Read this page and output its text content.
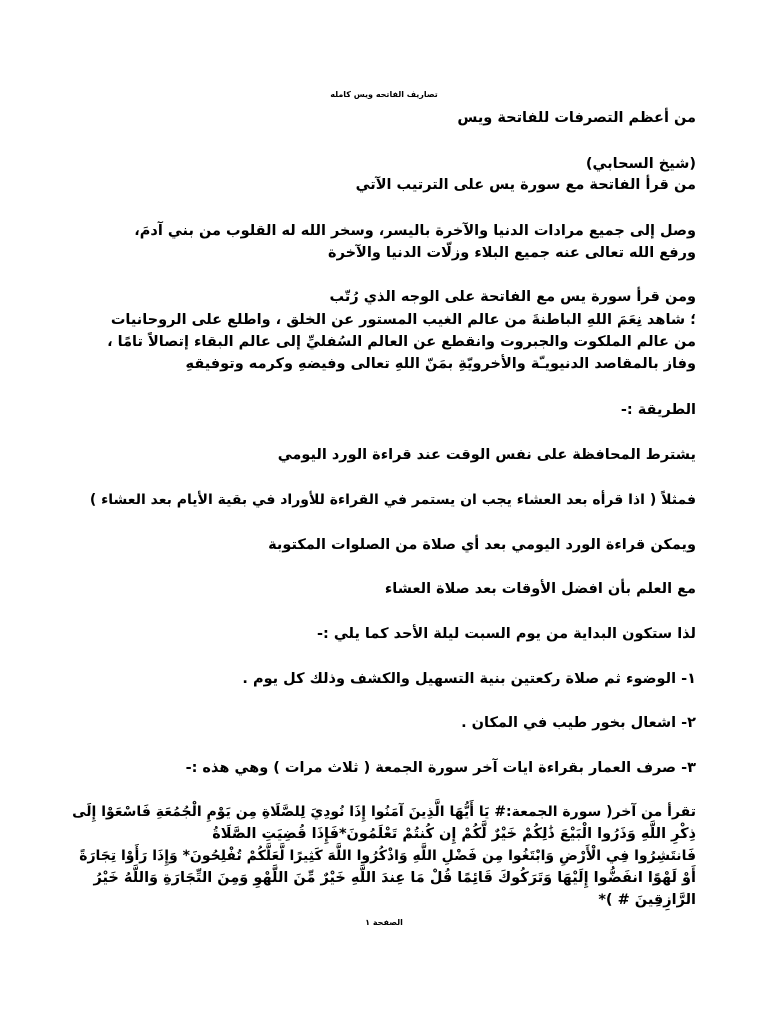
تصاريف الفاتحه ويس كامله
من أعظم التصرفات للفاتحة ويس
(شيخ السحابي)
من قرأ الفاتحة مع سورة يس على الترتيب الآتي
وصل إلى جميع مرادات الدنيا والآخرة باليسر، وسخر الله له القلوب من بني آدمَ،
ورفع الله تعالى عنه جميع البلاء وزلّات الدنيا والآخرة
ومن قرأ سورة يس مع الفاتحة على الوجه الذي رُتّب
؛ شاهد نِعَمَ اللهِ الباطنةَ من عالم الغيب المستور عن الخلق ، واطلع على الروحانيات
من عالم الملكوت والجبروت وانقطع عن العالم السُفليِّ إلى عالم البقاء إتصالاً تامًا ،
وفاز بالمقاصد الدنيويـّة والأخرويّةِ بمَنّ اللهِ تعالى وفيضهِ وكرمه وتوفيقهِ
الطريقة :-
يشترط المحافظة على نفس الوقت عند قراءة الورد اليومي
فمثلاً ( اذا قرأه بعد العشاء يجب ان يستمر في القراءة للأوراد في بقية الأيام بعد العشاء )
ويمكن قراءة الورد اليومي بعد أي صلاة من الصلوات المكتوبة
مع العلم بأن افضل الأوقات بعد صلاة العشاء
لذا ستكون البداية من يوم السبت ليلة الأحد كما يلي :-
١- الوضوء ثم صلاة ركعتين بنية التسهيل والكشف وذلك كل يوم .
٢- اشعال بخور طيب في المكان .
٣- صرف العمار بقراءة ايات آخر سورة الجمعة ( ثلاث مرات ) وهي هذه :-
تقرأ من آخر( سورة الجمعة:# يَا أَيُّهَا الَّذِينَ آمَنُوا إِذَا نُودِيَ لِلصَّلَاةِ مِن يَوْمِ الْجُمُعَةِ فَاسْعَوْا إِلَى
ذِكْرِ اللَّهِ وَذَرُوا الْبَيْعَ ذَٰلِكُمْ خَيْرٌ لَّكُمْ إِن كُنتُمْ تَعْلَمُونَ*فَإِذَا قُضِيَتِ الصَّلَاةُ
فَانتَشِرُوا فِي الْأَرْضِ وَابْتَغُوا مِن فَضْلِ اللَّهِ وَاذْكُرُوا اللَّهَ كَثِيرًا لَّعَلَّكُمْ تُفْلِحُونَ* وَإِذَا رَأَوْا تِجَارَةً
أَوْ لَهْوًا انفَضُّوا إِلَيْهَا وَتَرَكُوكَ قَائِمًا قُلْ مَا عِندَ اللَّهِ خَيْرٌ مِّنَ اللَّهْوِ وَمِنَ التِّجَارَةِ وَاللَّهُ خَيْرُ
الرَّازِقِينَ # )*
الصفحة ١
